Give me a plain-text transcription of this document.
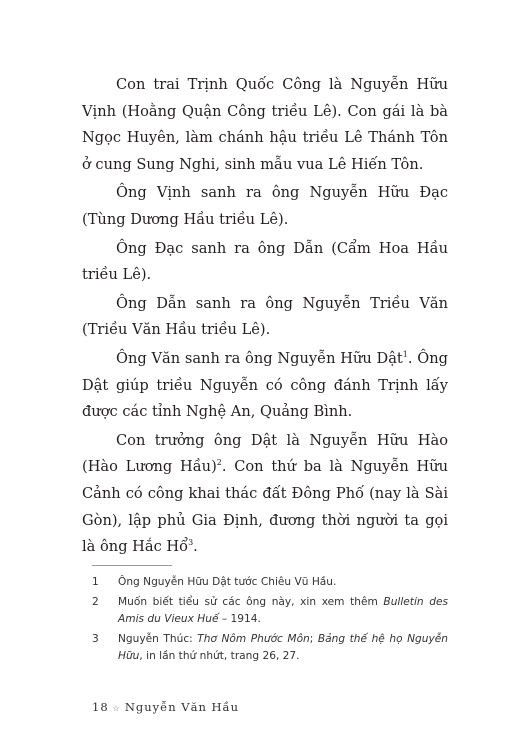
Con trai Trịnh Quốc Công là Nguyễn Hữu Vịnh (Hoằng Quận Công triều Lê). Con gái là bà Ngọc Huyên, làm chánh hậu triều Lê Thánh Tôn ở cung Sung Nghi, sinh mẫu vua Lê Hiến Tôn.

Ông Vịnh sanh ra ông Nguyễn Hữu Đạc (Tùng Dương Hầu triều Lê).

Ông Đạc sanh ra ông Dẫn (Cẩm Hoa Hầu triều Lê).

Ông Dẫn sanh ra ông Nguyễn Triều Văn (Triều Văn Hầu triều Lê).

Ông Văn sanh ra ông Nguyễn Hữu Dật$^1$. Ông Dật giúp triều Nguyễn có công đánh Trịnh lấy được các tỉnh Nghệ An, Quảng Bình.

Con trưởng ông Dật là Nguyễn Hữu Hào (Hào Lương Hầu)$^2$. Con thứ ba là Nguyễn Hữu Cảnh có công khai thác đất Đông Phố (nay là Sài Gòn), lập phủ Gia Định, đương thời người ta gọi là ông Hắc Hổ$^3$.

1	Ông Nguyễn Hữu Dật tước Chiêu Vũ Hầu.
2	Muốn biết tiểu sử các ông này, xin xem thêm Bulletin des Amis du Vieux Huế – 1914.
3	Nguyễn Thúc: Thơ Nôm Phước Môn; Bảng thế hệ họ Nguyễn Hữu, in lần thứ nhứt, trang 26, 27.
18 ☆ Nguyễn Văn Hầu
